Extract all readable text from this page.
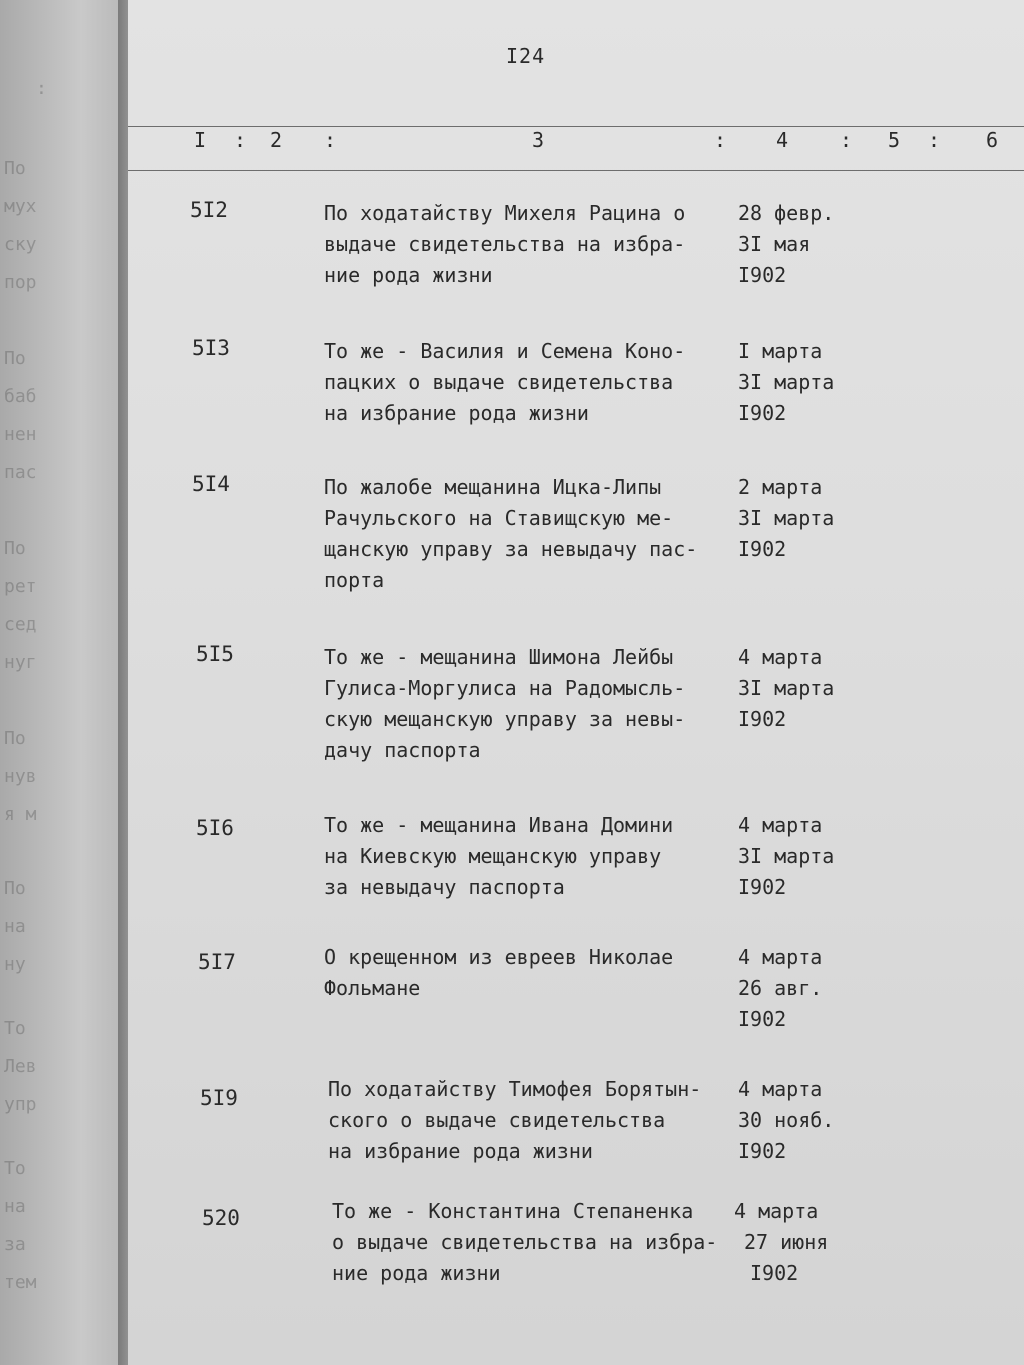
:
По
мух
ску
пор
По
баб
нен
пас
По
рет
сед
нуг
По
нув
я м
По
на
ну
То
Лев
упр
То
на
за
тем
I24
I : 2 :	3	: 4	: 5 : 6
5I2	По ходатайству Михеля Рацина о
выдаче свидетельства на избра-
ние рода жизни
28 февр.
3I мая
I902
5I3	То же - Василия и Семена Коно-
пацких о выдаче свидетельства
на избрание рода жизни
I марта
3I марта
I902
5I4	По жалобе мещанина Ицка-Липы
Рачульского на Ставищскую ме-
щанскую управу за невыдачу пас-
порта
2 марта
3I марта
I902
5I5	То же - мещанина Шимона Лейбы
Гулиса-Моргулиса на Радомысль-
скую мещанскую управу за невы-
дачу паспорта
4 марта
3I марта
I902
5I6	То же - мещанина Ивана Домини
на Киевскую мещанскую управу
за невыдачу паспорта
4 марта
3I марта
I902
5I7	О крещенном из евреев Николае
Фольмане
4 марта
26 авг.
I902
5I9	По ходатайству Тимофея Борятын-
ского о выдаче свидетельства
на избрание рода жизни
4 марта
30 нояб.
I902
520	То же - Константина Степаненка
о выдаче свидетельства на избра-
ние рода жизни
4 марта
27 июня
I902
